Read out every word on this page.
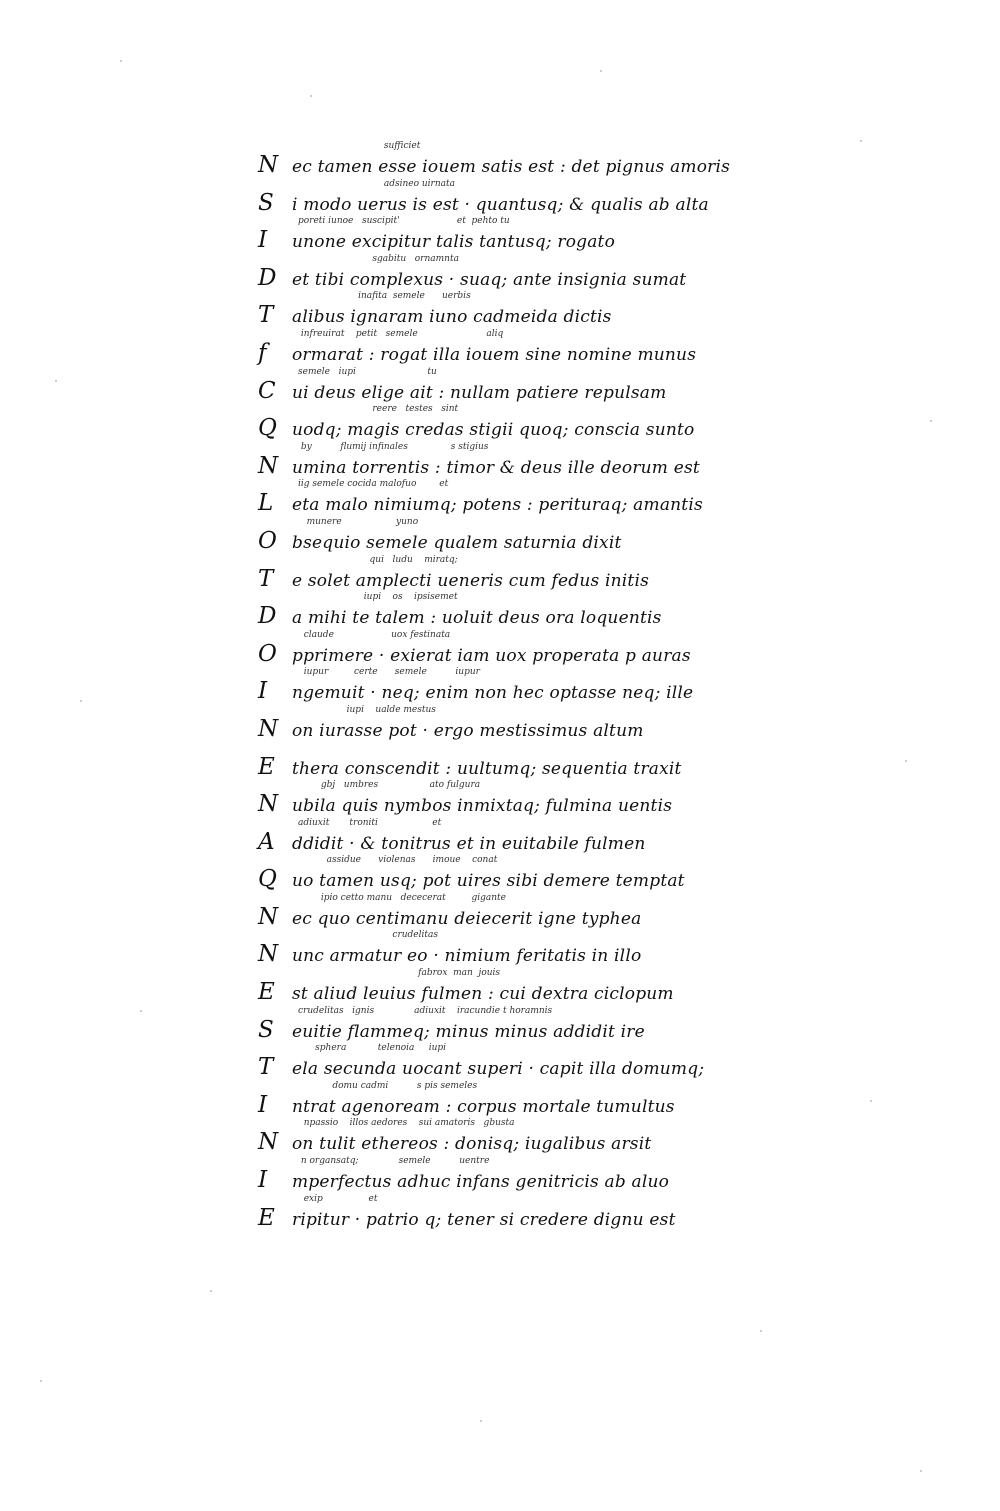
sufficiet
N ec tamen esse iouem satis est : det pignus amoris
adsineo uirnata
S	i modo uerus is est · quantusq; & qualis ab alta
poreti iunoe   suscipit'                    et  pehto tu
I	unone excipitur talis tantusq; rogato
sgabitu   ornamnta
D et tibi complexus · suaq; ante insignia sumat
inafita  semele      uerbis
T	alibus ignaram iuno cadmeida dictis
infreuirat    petit   semele                        aliq
f	ormarat : rogat illa iouem sine nomine munus
semele   iupi                         tu
C ui deus elige ait : nullam patiere repulsam
reere   testes   sint
Q uodq; magis credas stigii quoq; conscia sunto
by          flumij infinales               s stigius
N umina torrentis : timor & deus ille deorum est
iig semele cocida malofuo        et
L	eta malo nimiumq; potens : perituraq; amantis
munere                   yuno
O bsequio semele qualem saturnia dixit
qui   ludu    miratq;
T	e solet amplecti ueneris cum fedus initis
iupi    os    ipsisemet
D a mihi te talem : uoluit deus ora loquentis
claude                    uox festinata
O pprimere · exierat iam uox properata p auras
iupur         certe      semele          iupur
I	ngemuit · neq; enim non hec optasse neq; ille
iupi    ualde mestus
N on iurasse pot · ergo mestissimus altum
E	thera conscendit : uultumq; sequentia traxit
gbj   umbres                  ato fulgura
N ubila quis nymbos inmixtaq; fulmina uentis
adiuxit       troniti                   et
A	ddidit · & tonitrus et in euitabile fulmen
assidue      violenas      imoue    conat
Q uo tamen usq; pot uires sibi demere temptat
ipio cetto manu   dececerat         gigante
N ec quo centimanu deiecerit igne typhea
crudelitas
N unc armatur eo · nimium feritatis in illo
fabrox  man  jouis
E	st aliud leuius fulmen : cui dextra ciclopum
crudelitas   ignis              adiuxit    iracundie t horamnis
S	euitie flammeq; minus minus addidit ire
sphera           telenoia     iupi
T	ela secunda uocant superi · capit illa domumq;
domu cadmi          s pis semeles
I	ntrat agenoream : corpus mortale tumultus
npassio    illos aedores    sui amatoris   gbusta
N on tulit ethereos : donisq; iugalibus arsit
n organsatq;              semele          uentre
I	mperfectus adhuc infans genitricis ab aluo
exip                et
E	ripitur · patrio q; tener si credere dignu est
